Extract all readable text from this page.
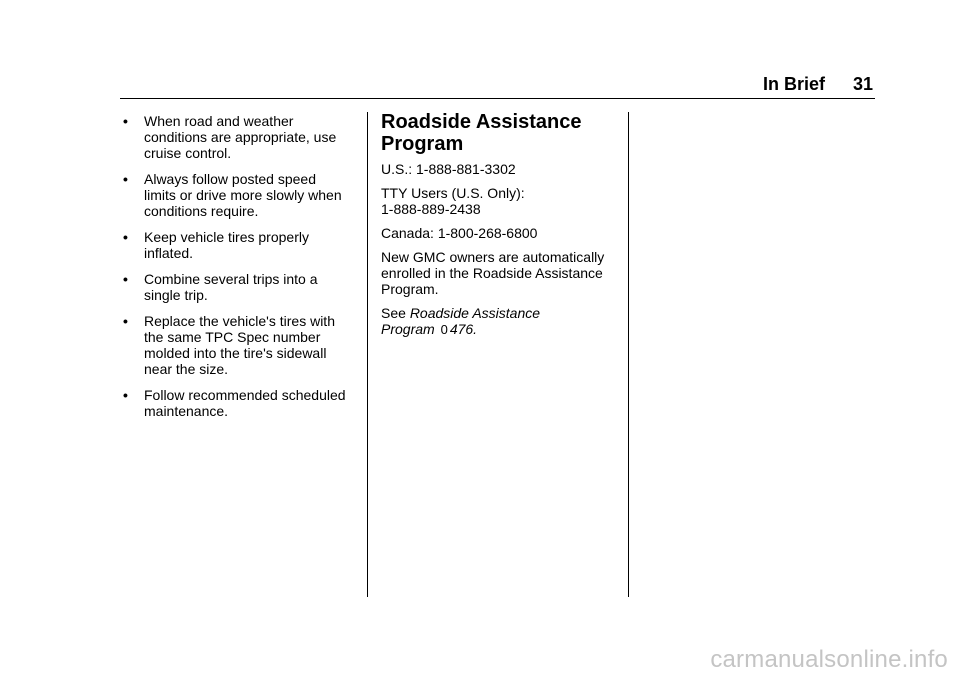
In Brief 31
• When road and weather
conditions are appropriate, use
cruise control.
• Always follow posted speed
limits or drive more slowly when
conditions require.
• Keep vehicle tires properly
inflated.
• Combine several trips into a
single trip.
• Replace the vehicle's tires with
the same TPC Spec number
molded into the tire's sidewall
near the size.
• Follow recommended scheduled
maintenance.
Roadside Assistance
Program

U.S.: 1-888-881-3302

TTY Users (U.S. Only):
1-888-889-2438

Canada: 1-800-268-6800

New GMC owners are automatically
enrolled in the Roadside Assistance
Program.

See Roadside Assistance
Program 0 476.

carmanualsonline.info
